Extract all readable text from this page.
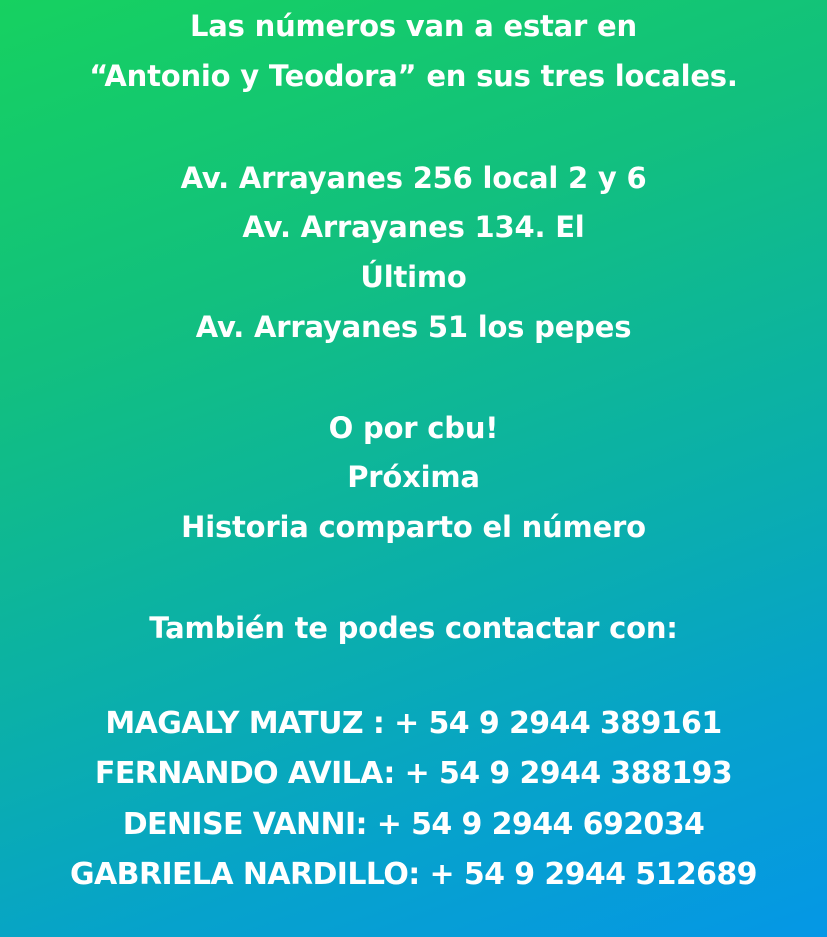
Las números van a estar en
“Antonio y Teodora” en sus tres locales.
Av. Arrayanes 256 local 2 y 6
Av. Arrayanes 134. El
Último
Av. Arrayanes 51 los pepes
O por cbu!
Próxima
Historia comparto el número
También te podes contactar con:
MAGALY MATUZ : + 54 9 2944 389161
FERNANDO AVILA: + 54 9 2944 388193
DENISE VANNI: + 54 9 2944 692034
GABRIELA NARDILLO: + 54 9 2944 512689
